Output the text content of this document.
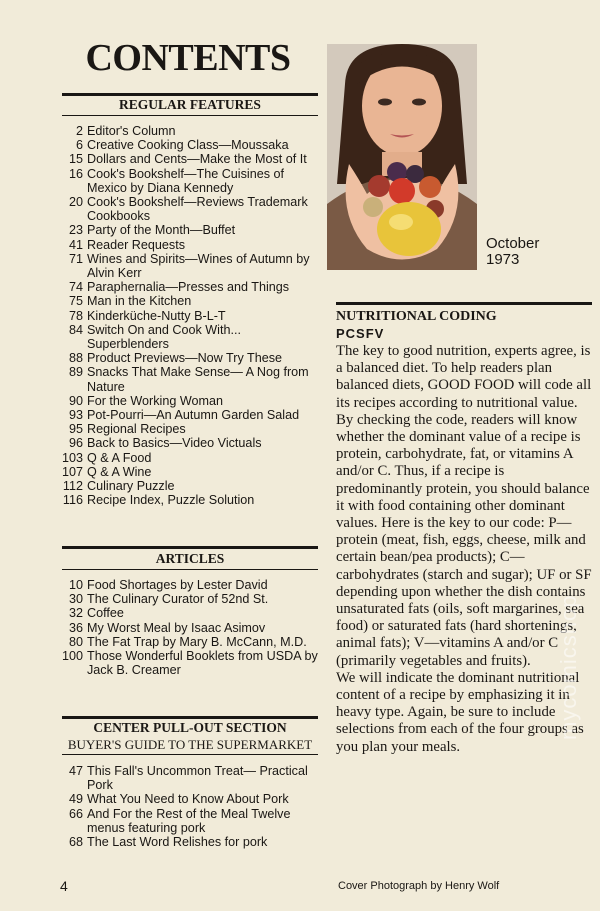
CONTENTS
REGULAR FEATURES
2 Editor's Column
6 Creative Cooking Class—Moussaka
15 Dollars and Cents—Make the Most of It
16 Cook's Bookshelf—The Cuisines of Mexico by Diana Kennedy
20 Cook's Bookshelf—Reviews Trademark Cookbooks
23 Party of the Month—Buffet
41 Reader Requests
71 Wines and Spirits—Wines of Autumn by Alvin Kerr
74 Paraphernalia—Presses and Things
75 Man in the Kitchen
78 Kinderküche-Nutty B-L-T
84 Switch On and Cook With... Superblenders
88 Product Previews—Now Try These
89 Snacks That Make Sense— A Nog from Nature
90 For the Working Woman
93 Pot-Pourri—An Autumn Garden Salad
95 Regional Recipes
96 Back to Basics—Video Victuals
103 Q & A Food
107 Q & A Wine
112 Culinary Puzzle
116 Recipe Index, Puzzle Solution
ARTICLES
10 Food Shortages by Lester David
30 The Culinary Curator of 52nd St.
32 Coffee
36 My Worst Meal by Isaac Asimov
80 The Fat Trap by Mary B. McCann, M.D.
100 Those Wonderful Booklets from USDA by Jack B. Creamer
CENTER PULL-OUT SECTION
BUYER'S GUIDE TO THE SUPERMARKET
47 This Fall's Uncommon Treat— Practical Pork
49 What You Need to Know About Pork
66 And For the Rest of the Meal Twelve menus featuring pork
68 The Last Word Relishes for pork
October
1973
NUTRITIONAL CODING
PCSFV

The key to good nutrition, experts agree, is a balanced diet. To help readers plan balanced diets, GOOD FOOD will code all its recipes according to nutritional value. By checking the code, readers will know whether the dominant value of a recipe is protein, carbohydrate, fat, or vitamins A and/or C. Thus, if a recipe is predominantly protein, you should balance it with food containing other dominant values. Here is the key to our code: P—protein (meat, fish, eggs, cheese, milk and certain bean/pea products); C—carbohydrates (starch and sugar); UF or SF depending upon whether the dish contains unsaturated fats (oils, soft margarines, sea food) or saturated fats (hard shortenings, animal fats); V—vitamins A and/or C (primarily vegetables and fruits).

We will indicate the dominant nutritional content of a recipe by emphasizing it in heavy type. Again, be sure to include selections from each of the four groups as you plan your meals.

4	Cover Photograph by Henry Wolf
mycomicshop
